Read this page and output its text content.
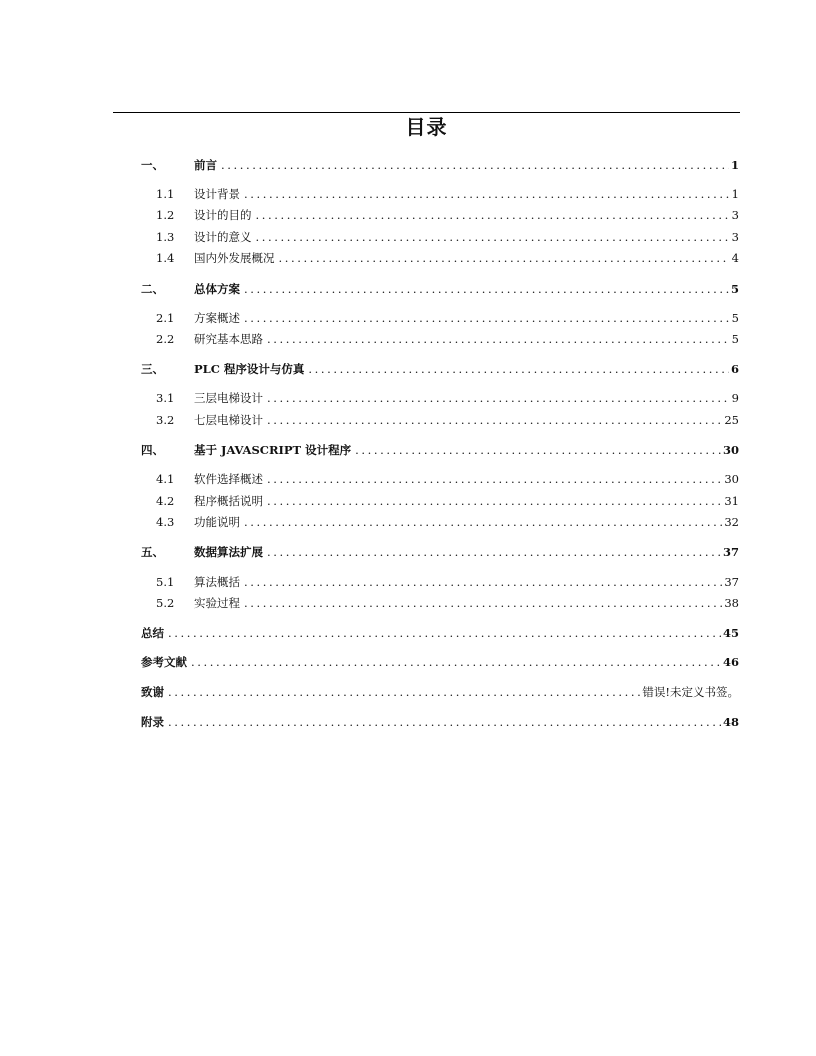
目录
一、	前言 .....	1
1.1	设计背景 .....	1
1.2	设计的目的 .....	3
1.3	设计的意义 .....	3
1.4	国内外发展概况 .....	4
二、	总体方案 .....	5
2.1	方案概述 .....	5
2.2	研究基本思路 .....	5
三、	PLC 程序设计与仿真 .....	6
3.1	三层电梯设计 .....	9
3.2	七层电梯设计 .....	25
四、	基于 JAVASCRIPT 设计程序 .....	30
4.1	软件选择概述 .....	30
4.2	程序概括说明 .....	31
4.3	功能说明 .....	32
五、	数据算法扩展 .....	37
5.1	算法概括 .....	37
5.2	实验过程 .....	38
总结 .....	45
参考文献 .....	46
致谢 .....	错误!未定义书签。
附录 .....	48
